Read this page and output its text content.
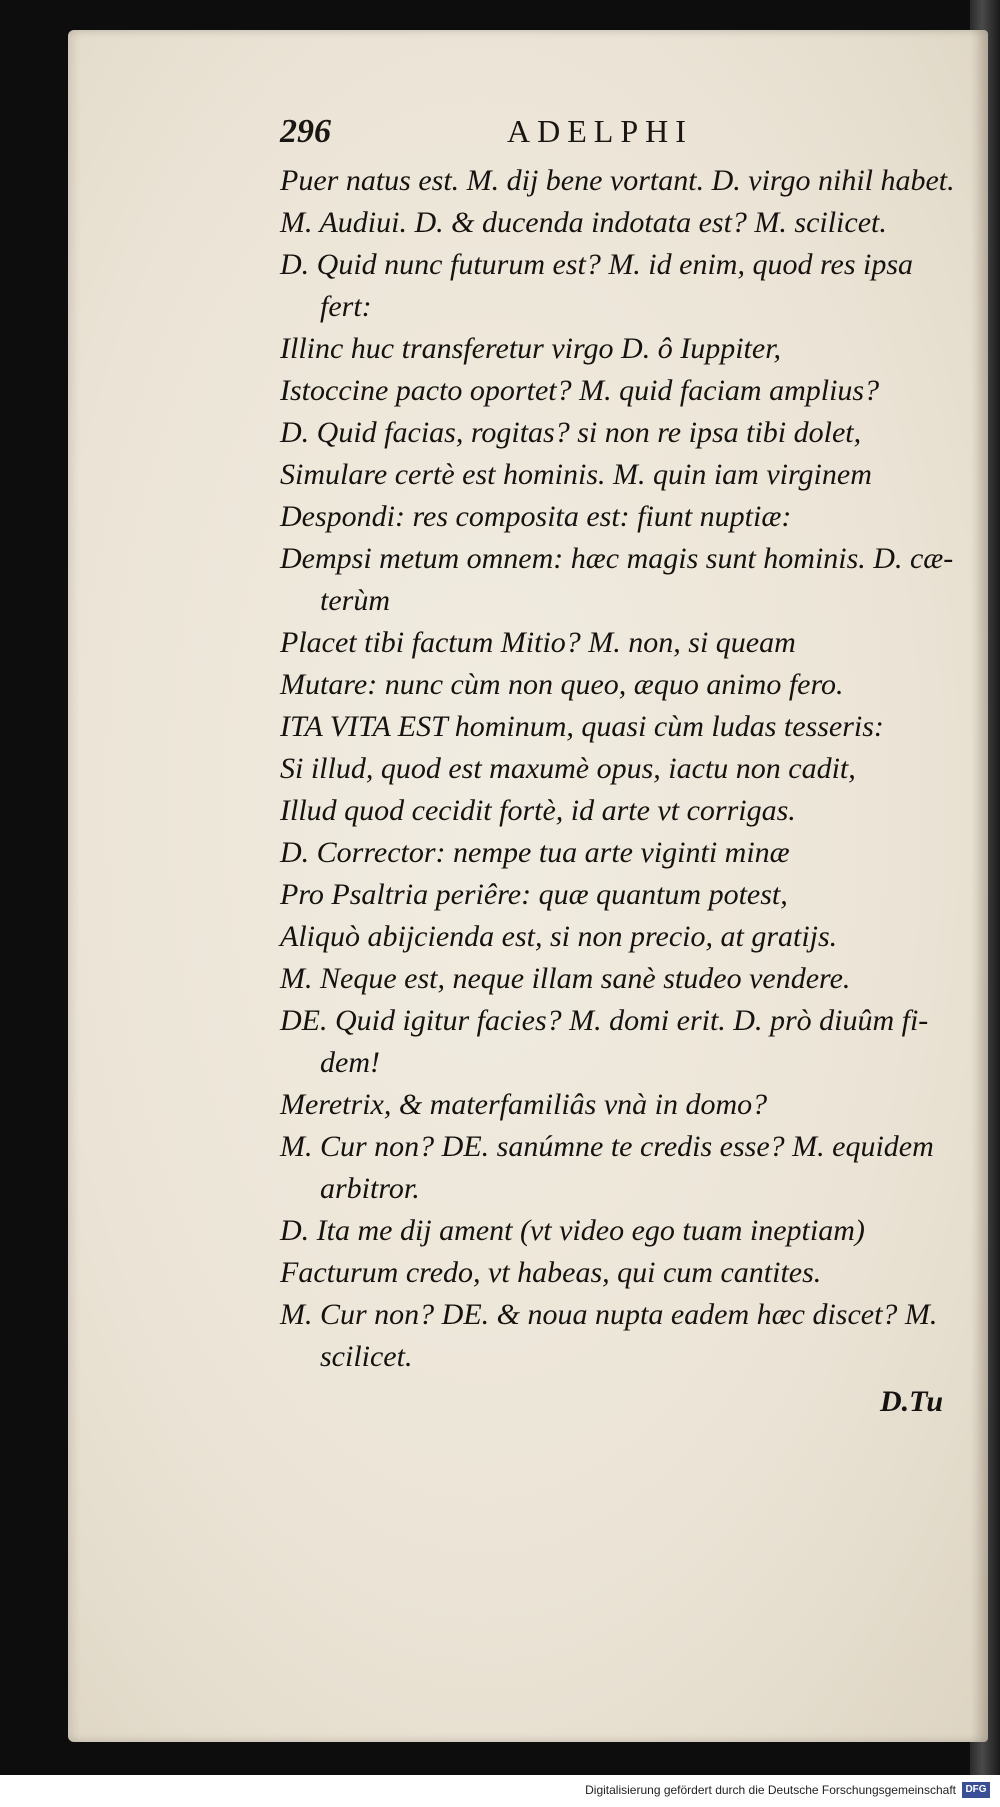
296	ADELPHI
Puer natus est. M. dij bene vortant. D. virgo nihil habet.
M. Audiui. D. & ducenda indotata est? M. scilicet.
D. Quid nunc futurum est? M. id enim, quod res ipsa
fert:
Illinc huc transferetur virgo D. ô Iuppiter,
Istoccine pacto oportet? M. quid faciam amplius?
D. Quid facias, rogitas? si non re ipsa tibi dolet,
Simulare certè est hominis. M. quin iam virginem
Despondi: res composita est: fiunt nuptiæ:
Dempsi metum omnem: hæc magis sunt hominis. D. cæ-
terùm
Placet tibi factum Mitio? M. non, si queam
Mutare: nunc cùm non queo, æquo animo fero.
ITA VITA EST hominum, quasi cùm ludas tesseris:
Si illud, quod est maxumè opus, iactu non cadit,
Illud quod cecidit fortè, id arte vt corrigas.
D. Corrector: nempe tua arte viginti minæ
Pro Psaltria periêre: quæ quantum potest,
Aliquò abijcienda est, si non precio, at gratijs.
M. Neque est, neque illam sanè studeo vendere.
DE. Quid igitur facies? M. domi erit. D. prò diuûm fi-
dem!
Meretrix, & materfamiliâs vnà in domo?
M. Cur non? DE. sanúmne te credis esse? M. equidem
arbitror.
D. Ita me dij ament (vt video ego tuam ineptiam)
Facturum credo, vt habeas, qui cum cantites.
M. Cur non? DE. & noua nupta eadem hæc discet? M.
scilicet.
D.Tu
Digitalisierung gefördert durch die Deutsche Forschungsgemeinschaft DFG
